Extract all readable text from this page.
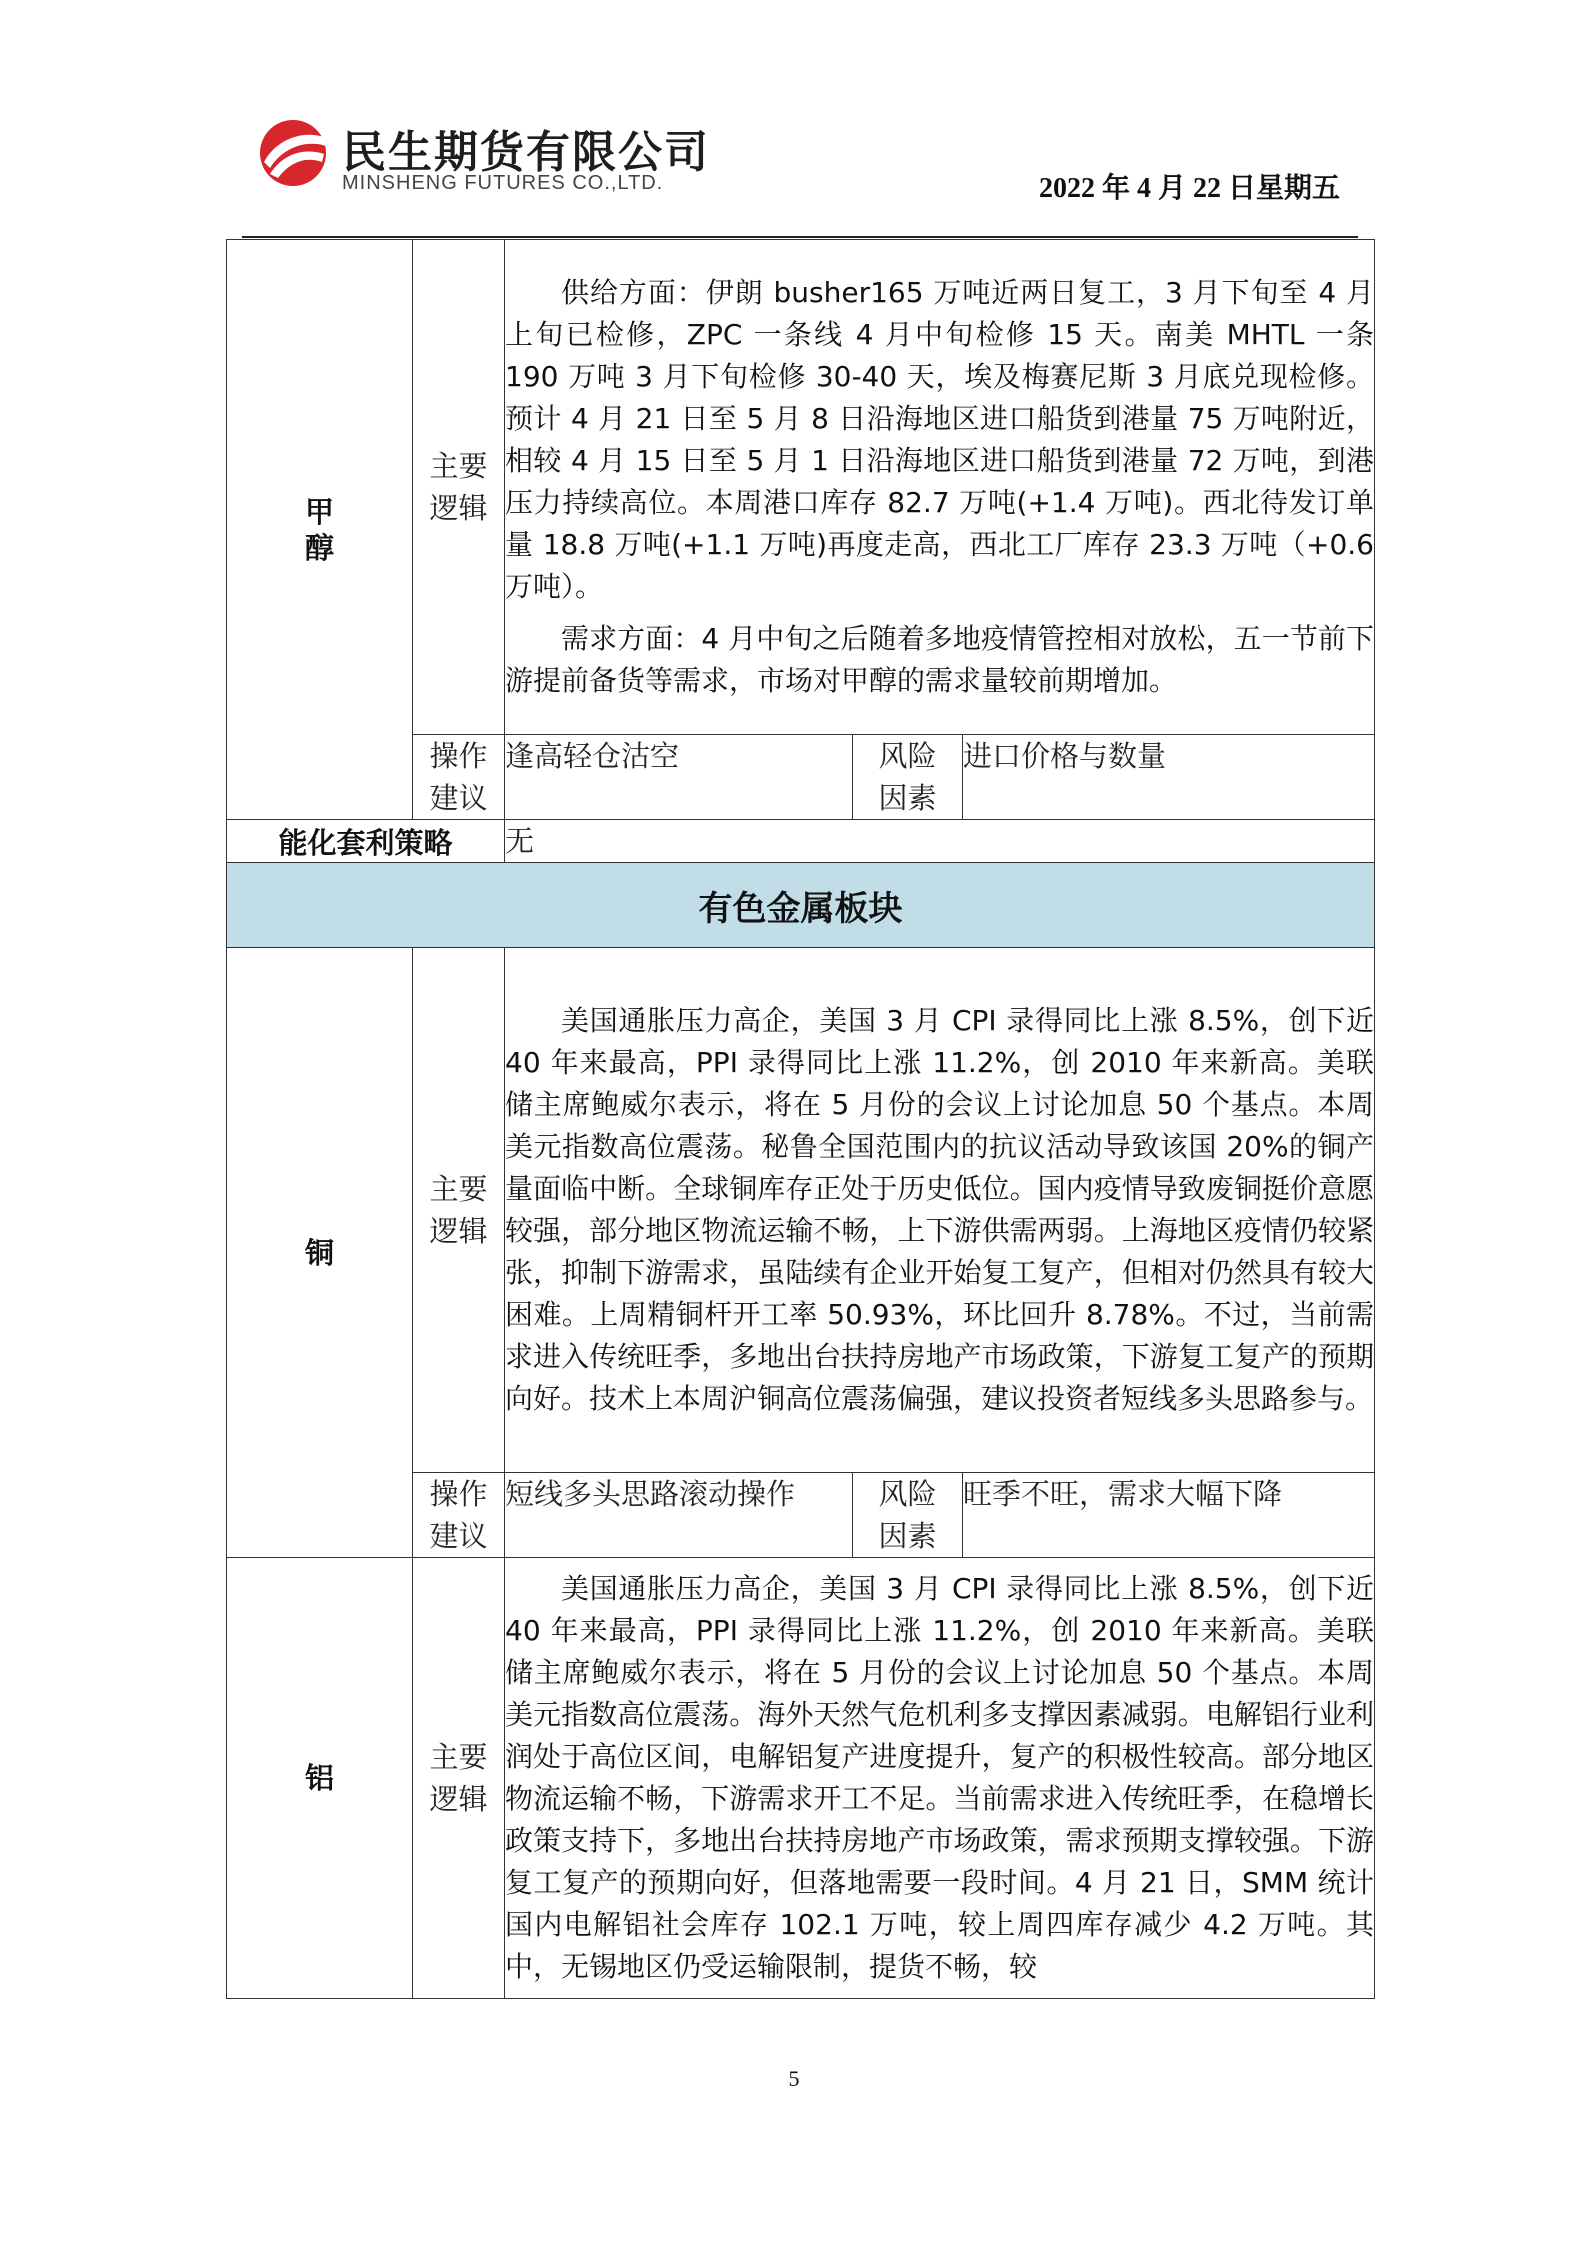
民生期货有限公司
MINSHENG FUTURES CO.,LTD.	2022 年 4 月 22 日星期五
甲醇	主要逻辑	供给方面：伊朗 busher165 万吨近两日复工，3 月下旬至 4 月上旬已检修，ZPC 一条线 4 月中旬检修 15 天。南美 MHTL 一条 190 万吨 3 月下旬检修 30-40 天，埃及梅赛尼斯 3 月底兑现检修。预计 4 月 21 日至 5 月 8 日沿海地区进口船货到港量 75 万吨附近，相较 4 月 15 日至 5 月 1 日沿海地区进口船货到港量 72 万吨，到港压力持续高位。本周港口库存 82.7 万吨(+1.4 万吨)。西北待发订单量 18.8 万吨(+1.1 万吨)再度走高，西北工厂库存 23.3 万吨（+0.6 万吨）。

需求方面：4 月中旬之后随着多地疫情管控相对放松，五一节前下游提前备货等需求，市场对甲醇的需求量较前期增加。		

	操作建议	逢高轻仓沽空	风险因素	进口价格与数量
能化套利策略		无		
有色金属板块				
铜	主要逻辑	美国通胀压力高企，美国 3 月 CPI 录得同比上涨 8.5%，创下近 40 年来最高，PPI 录得同比上涨 11.2%，创 2010 年来新高。美联储主席鲍威尔表示，将在 5 月份的会议上讨论加息 50 个基点。本周美元指数高位震荡。秘鲁全国范围内的抗议活动导致该国 20%的铜产量面临中断。全球铜库存正处于历史低位。国内疫情导致废铜挺价意愿较强，部分地区物流运输不畅，上下游供需两弱。上海地区疫情仍较紧张，抑制下游需求，虽陆续有企业开始复工复产，但相对仍然具有较大困难。上周精铜杆开工率 50.93%，环比回升 8.78%。不过，当前需求进入传统旺季，多地出台扶持房地产市场政策，下游复工复产的预期向好。技术上本周沪铜高位震荡偏强，建议投资者短线多头思路参与。		

	操作建议	短线多头思路滚动操作	风险因素	旺季不旺，需求大幅下降
铝	主要逻辑	美国通胀压力高企，美国 3 月 CPI 录得同比上涨 8.5%，创下近 40 年来最高，PPI 录得同比上涨 11.2%，创 2010 年来新高。美联储主席鲍威尔表示，将在 5 月份的会议上讨论加息 50 个基点。本周美元指数高位震荡。海外天然气危机利多支撑因素减弱。电解铝行业利润处于高位区间，电解铝复产进度提升，复产的积极性较高。部分地区物流运输不畅，下游需求开工不足。当前需求进入传统旺季，在稳增长政策支持下，多地出台扶持房地产市场政策，需求预期支撑较强。下游复工复产的预期向好，但落地需要一段时间。4 月 21 日，SMM 统计国内电解铝社会库存 102.1 万吨，较上周四库存减少 4.2 万吨。其中，无锡地区仍受运输限制，提货不畅，较		

5
